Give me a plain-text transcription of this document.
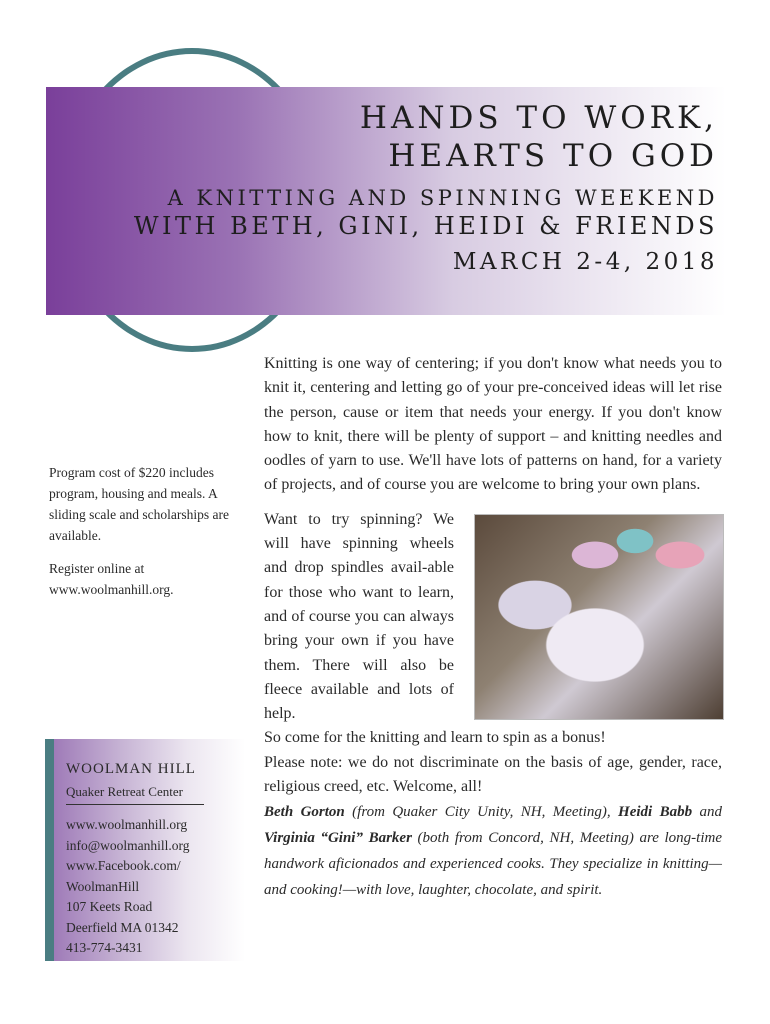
HANDS TO WORK,
HEARTS TO GOD
A KNITTING AND SPINNING WEEKEND
WITH BETH, GINI, HEIDI & FRIENDS
MARCH 2-4, 2018

Program cost of $220 includes program, housing and meals. A sliding scale and scholarships are available.

Register online at www.woolmanhill.org.

WOOLMAN HILL
Quaker Retreat Center
www.woolmanhill.org
info@woolmanhill.org
www.Facebook.com/
WoolmanHill
107 Keets Road
Deerfield MA 01342
413-774-3431

Knitting is one way of centering; if you don't know what needs you to knit it, centering and letting go of your pre-conceived ideas will let rise the person, cause or item that needs your energy. If you don't know how to knit, there will be plenty of support – and knitting needles and oodles of yarn to use. We'll have lots of patterns on hand, for a variety of projects, and of course you are welcome to bring your own plans.

Want to try spinning? We will have spinning wheels and drop spindles avail-able for those who want to learn, and of course you can always bring your own if you have them. There will also be fleece available and lots of help.

So come for the knitting and learn to spin as a bonus!

Please note: we do not discriminate on the basis of age, gender, race, religious creed, etc. Welcome, all!

Beth Gorton (from Quaker City Unity, NH, Meeting), Heidi Babb and Virginia “Gini” Barker (both from Concord, NH, Meeting) are long-time handwork aficionados and experienced cooks. They specialize in knitting—and cooking!—with love, laughter, chocolate, and spirit.
